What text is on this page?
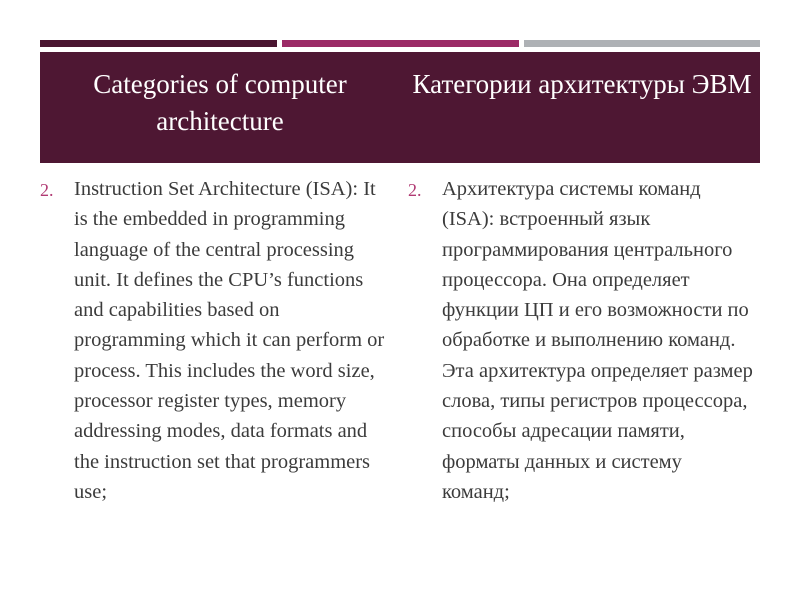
Categories of computer architecture
Категории архитектуры ЭВМ
2.	Instruction Set Architecture (ISA): It is the embedded in programming language of the central processing unit. It defines the CPU’s functions and capabilities based on programming which it can perform or process. This includes the word size, processor register types, memory addressing modes, data formats and the instruction set that programmers use;

2.	Архитектура системы команд (ISA): встроенный язык программирования центрального процессора. Она определяет функции ЦП и его возможности по обработке и выполнению команд. Эта архитектура определяет размер слова, типы регистров процессора, способы адресации памяти, форматы данных и систему команд;
